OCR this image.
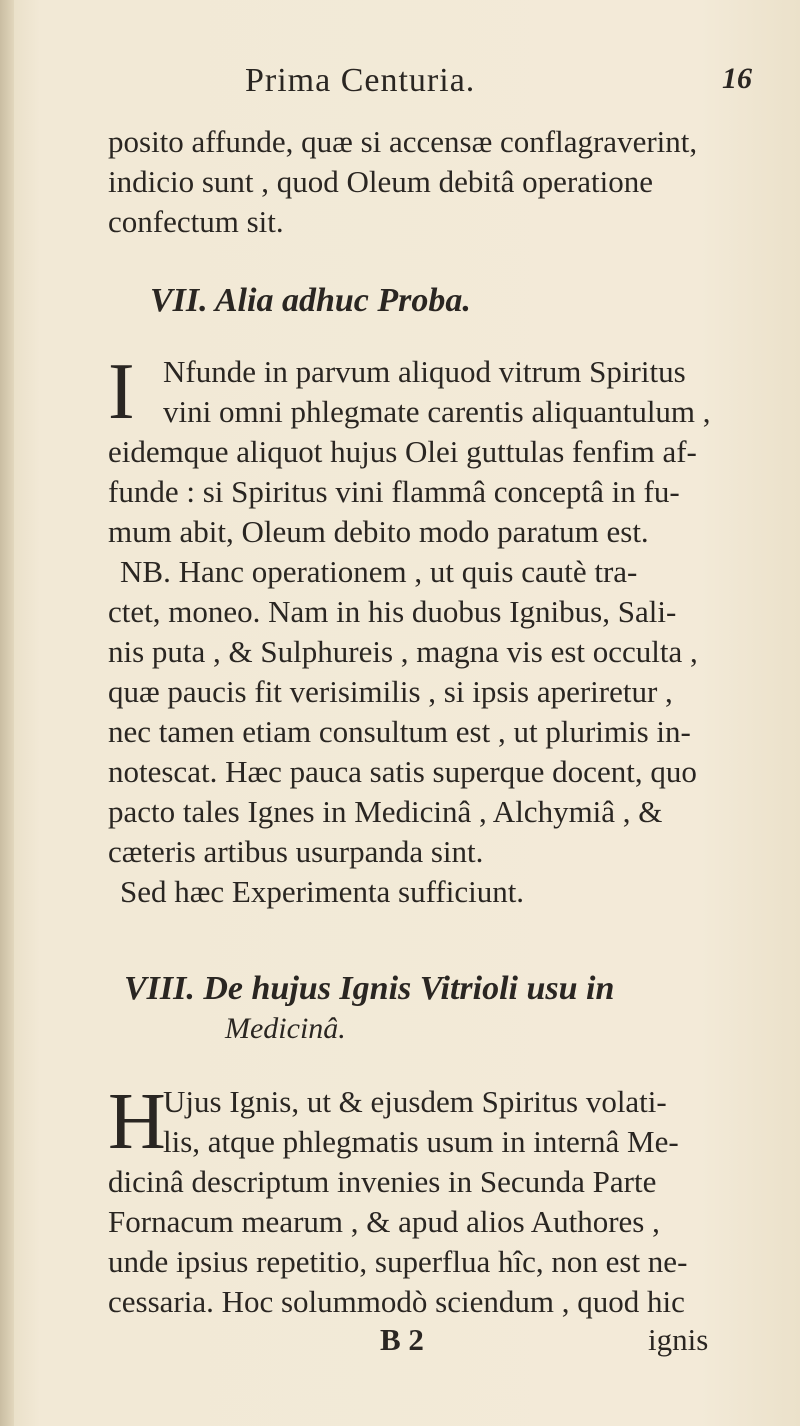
Prima Centuria.	16
posito affunde, quæ si accensæ conflagraverint,
indicio sunt , quod Oleum debitâ operatione
confectum sit.
VII. Alia adhuc Proba.
I Nfunde in parvum aliquod vitrum Spiritus
vini omni phlegmate carentis aliquantulum ,
eidemque aliquot hujus Olei guttulas fenfim af-
funde : si Spiritus vini flammâ conceptâ in fu-
mum abit, Oleum debito modo paratum est.
NB. Hanc operationem , ut quis cautè tra-
ctet, moneo. Nam in his duobus Ignibus, Sali-
nis puta , & Sulphureis , magna vis est occulta ,
quæ paucis fit verisimilis , si ipsis aperiretur ,
nec tamen etiam consultum est , ut plurimis in-
notescat. Hæc pauca satis superque docent, quo
pacto tales Ignes in Medicinâ , Alchymiâ , &
cæteris artibus usurpanda sint.
Sed hæc Experimenta sufficiunt.
VIII. De hujus Ignis Vitrioli usu in
Medicinâ.
H
Ujus Ignis, ut & ejusdem Spiritus volati-
lis, atque phlegmatis usum in internâ Me-
dicinâ descriptum invenies in Secunda Parte
Fornacum mearum , & apud alios Authores ,
unde ipsius repetitio, superflua hîc, non est ne-
cessaria. Hoc solummodò sciendum , quod hic
B 2	ignis
